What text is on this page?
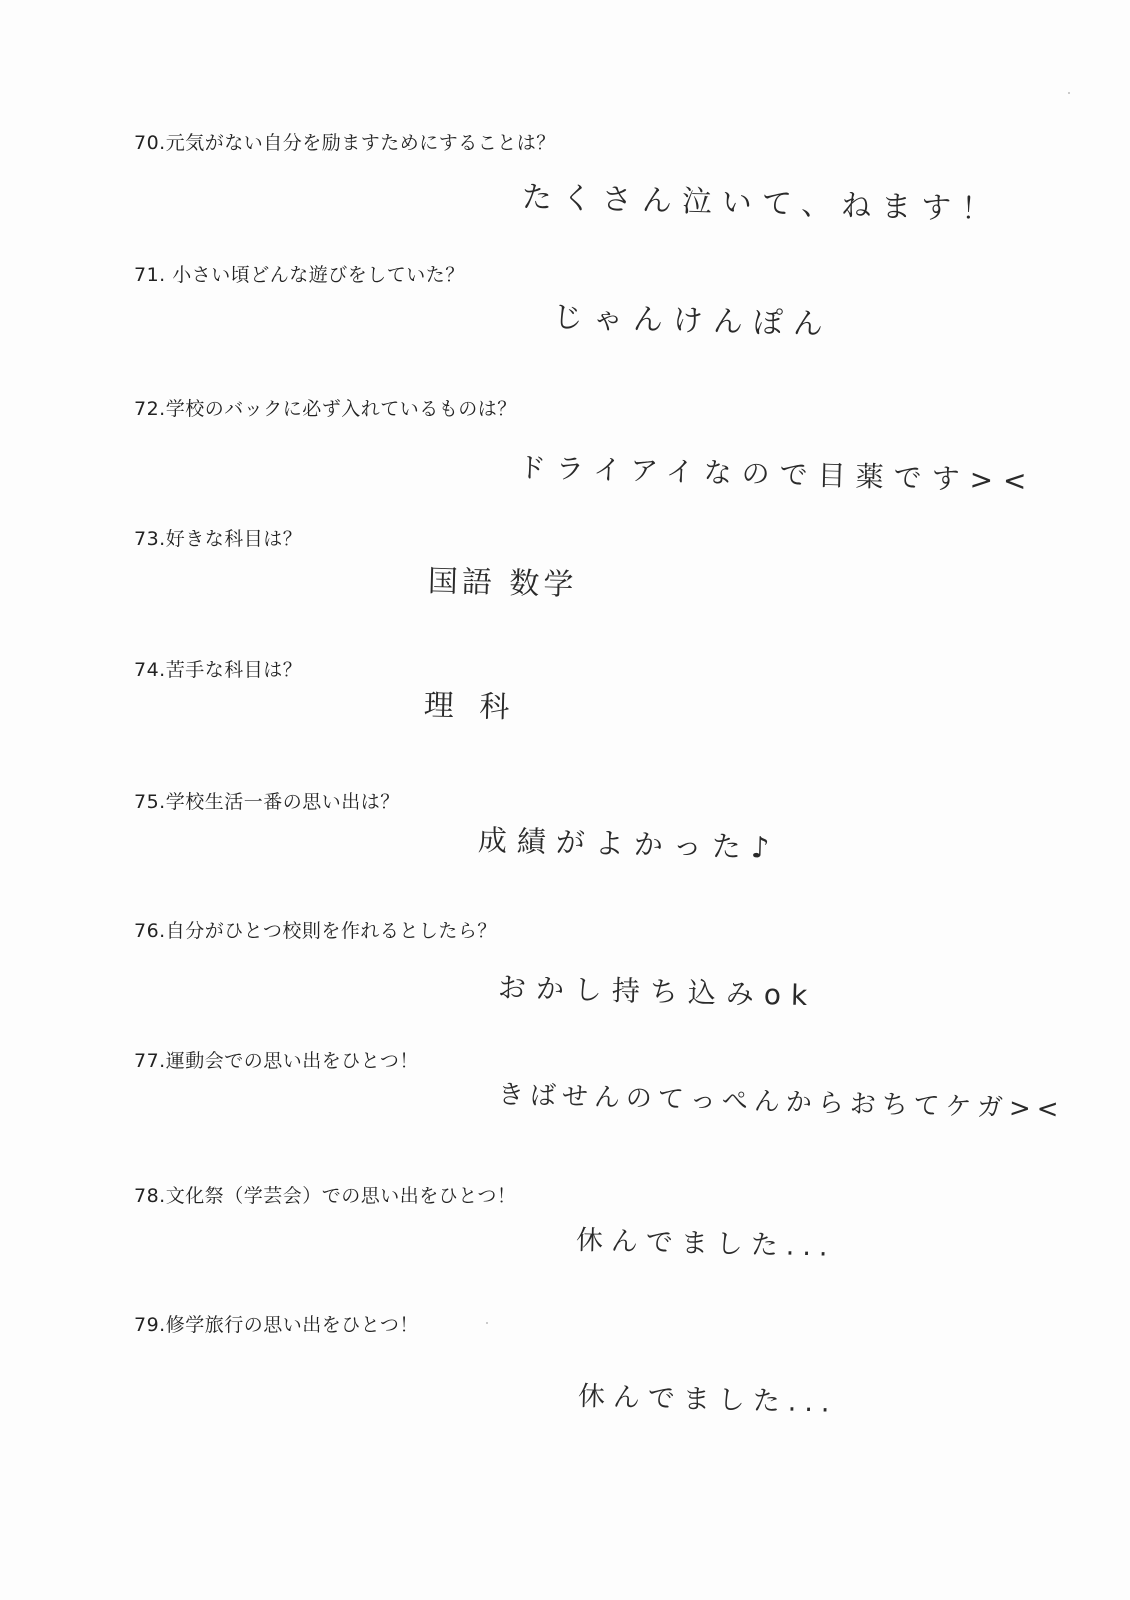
70.元気がない自分を励ますためにすることは？
たくさん泣いて、ねます！
71. 小さい頃どんな遊びをしていた？
じゃんけんぽん
72.学校のバックに必ず入れているものは？
ドライアイなので目薬です><
73.好きな科目は？
国語 数学
74.苦手な科目は？
理 科
75.学校生活一番の思い出は？
成績がよかった♪
76.自分がひとつ校則を作れるとしたら？
おかし持ち込みok
77.運動会での思い出をひとつ！
きばせんのてっぺんからおちてケガ><
78.文化祭（学芸会）での思い出をひとつ！
休んでました...
79.修学旅行の思い出をひとつ！
休んでました...
